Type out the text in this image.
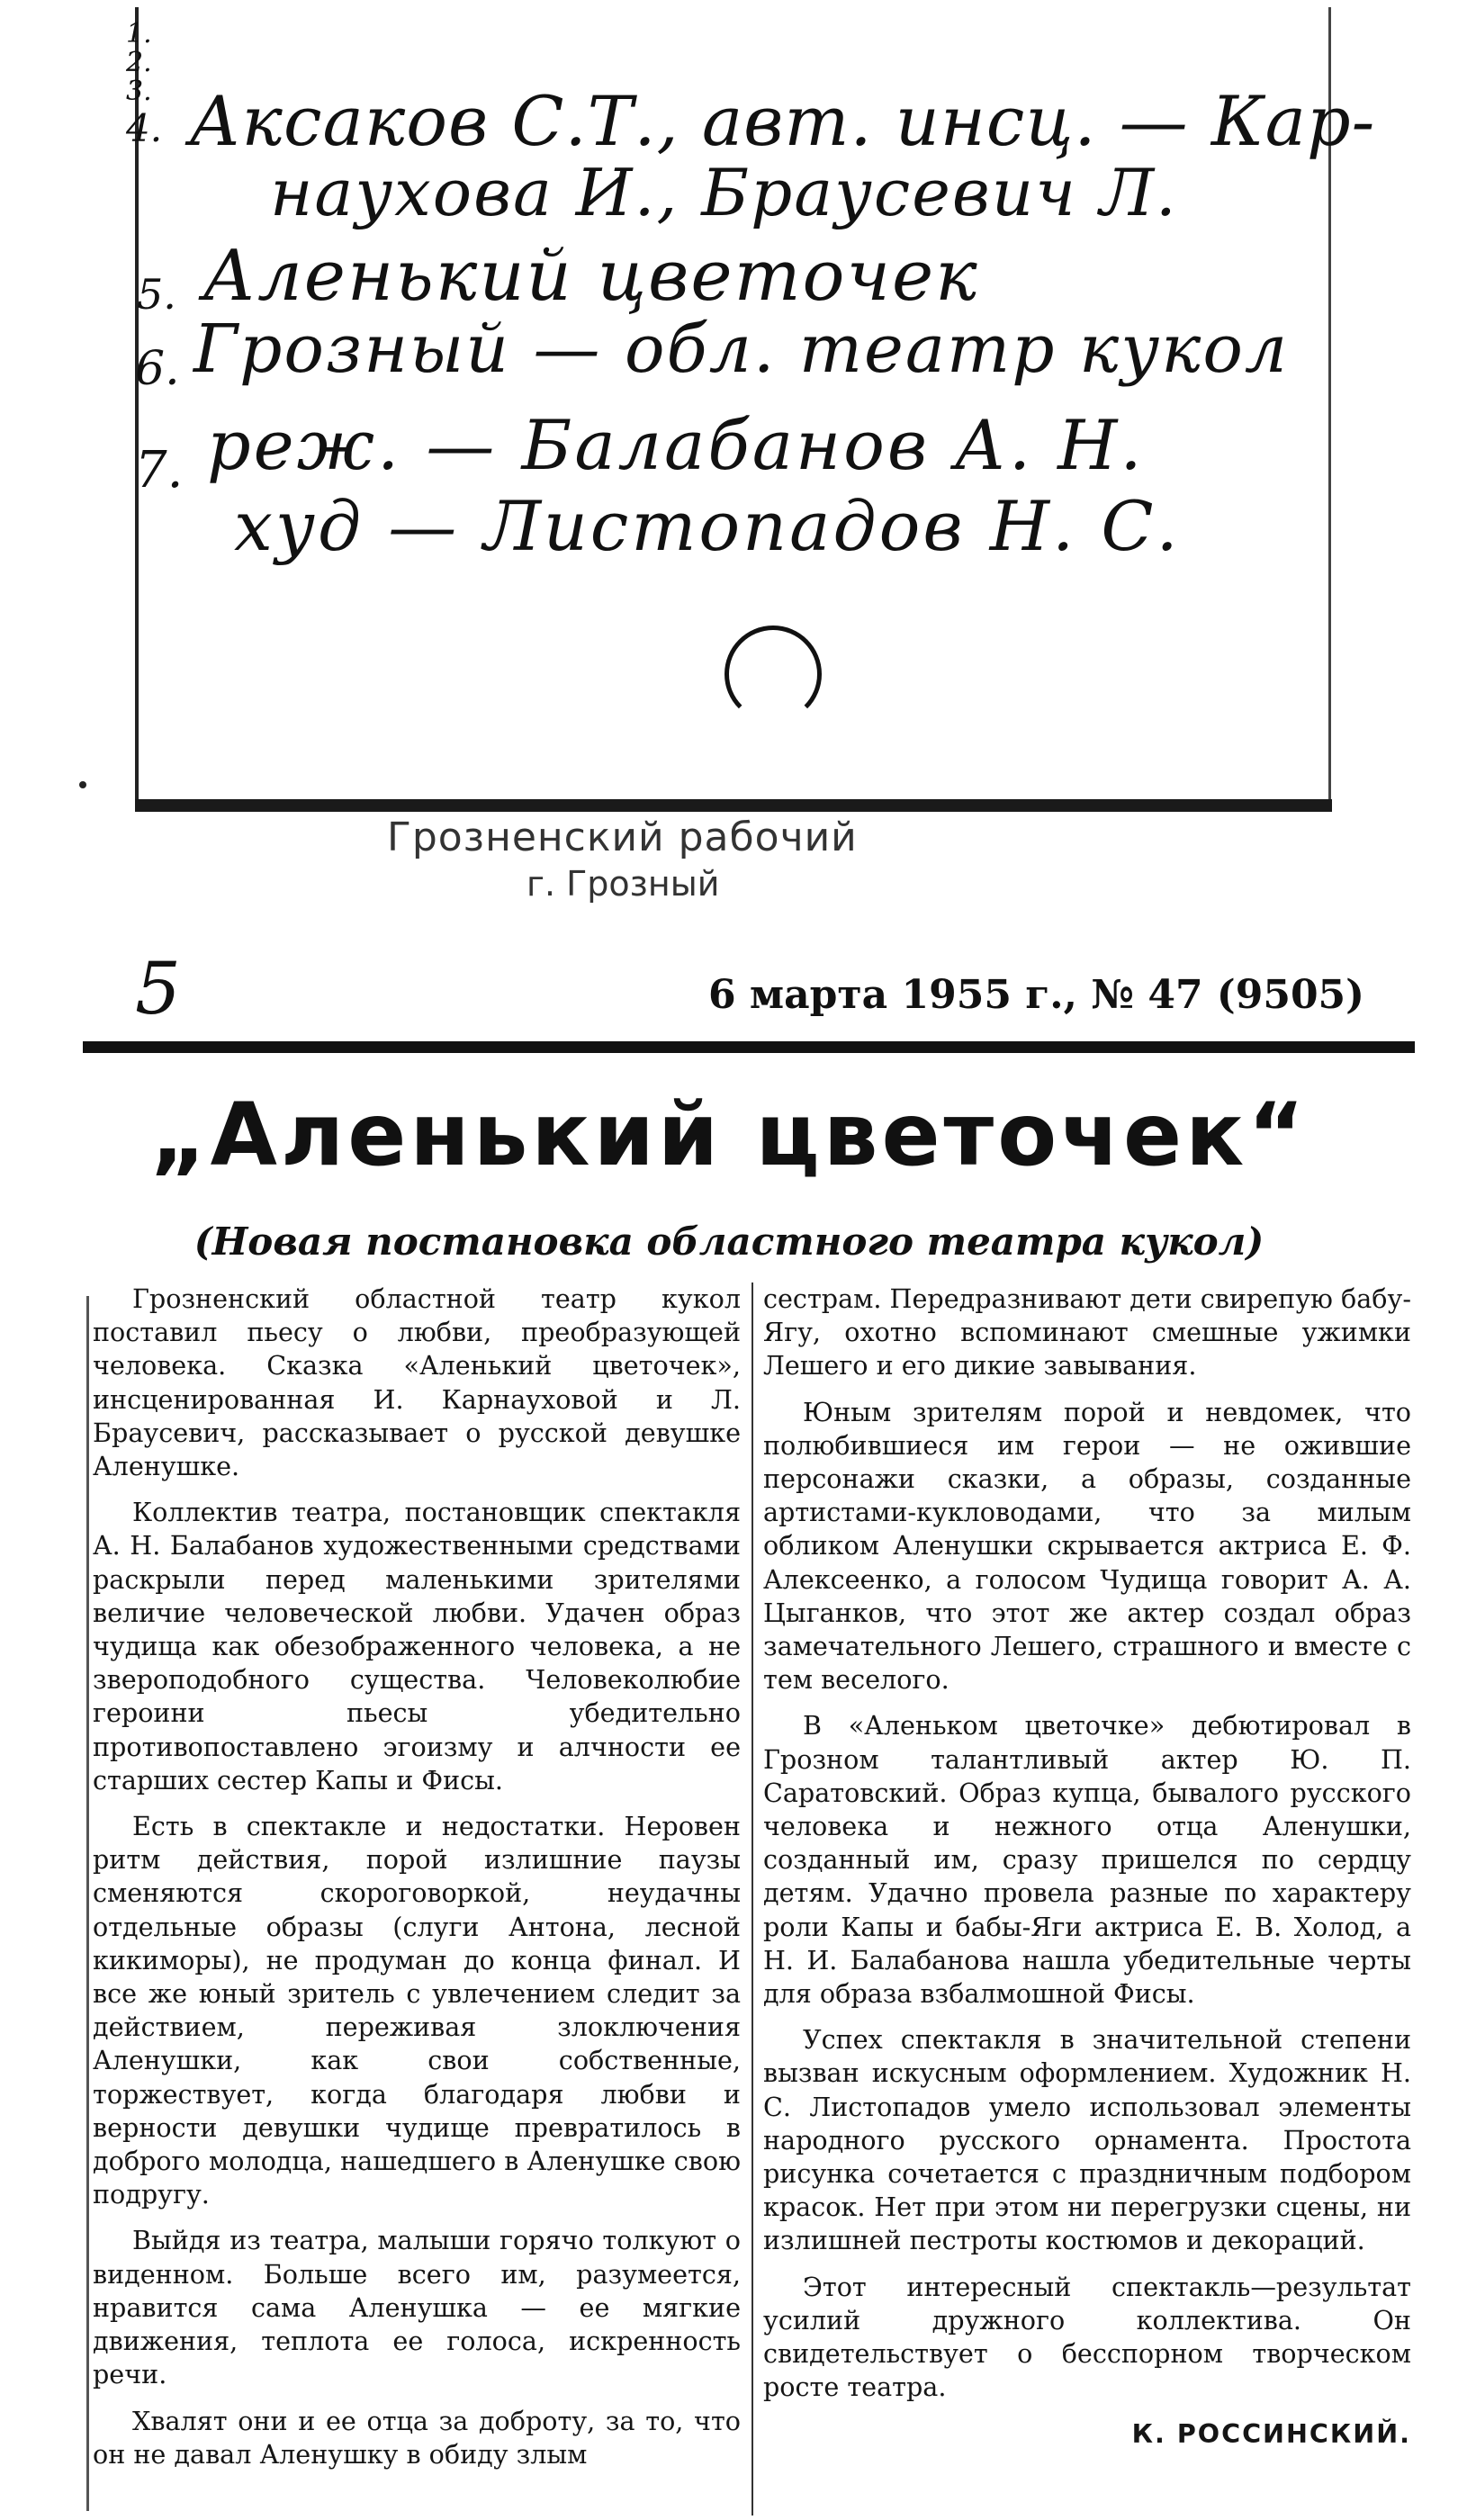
1.
2.
3.
4. Аксаков С.Т., авт. инсц. — Кар-
науховa И., Брaусевич Л.
5. Аленький цветочек
6. Грозный — обл. театр кукол
7. реж. — Балабанов А. Н.
худ — Листопадов Н. С.
Грозненский рабочий
г. Грозный
5	6 марта 1955 г., № 47 (9505)
„Аленький цветочек“
(Новая постановка областного театра кукол)

Грозненский областной театр кукол поставил пьесу о любви, преобразующей человека. Сказка «Аленький цветочек», инсценированная И. Карнауховой и Л. Брaусевич, рассказывает о русской девушке Аленушке.

Коллектив театра, постановщик спектакля А. Н. Балабанов художественными средствами раскрыли перед маленькими зрителями величие человеческой любви. Удачен образ чудища как обезображенного человека, а не звероподобного существа. Человеколюбие героини пьесы убедительно противопоставлено эгоизму и алчности ее старших сестер Капы и Фисы.

Есть в спектакле и недостатки. Неровен ритм действия, порой излишние паузы сменяются скороговоркой, неудачны отдельные образы (слуги Антона, лесной кикиморы), не продуман до конца финал. И все же юный зритель с увлечением следит за действием, переживая злоключения Аленушки, как свои собственные, торжествует, когда благодаря любви и верности девушки чудище превратилось в доброго молодца, нашедшего в Аленушке свою подругу.

Выйдя из театра, малыши горячо толкуют о виденном. Больше всего им, разумеется, нравится сама Аленушка — ее мягкие движения, теплота ее голоса, искренность речи.

Хвалят они и ее отца за доброту, за то, что он не давал Аленушку в обиду злым

сестрам. Передразнивают дети свирепую бабу-Ягу, охотно вспоминают смешные ужимки Лешего и его дикие завывания.

Юным зрителям порой и невдомек, что полюбившиеся им герои — не ожившие персонажи сказки, а образы, созданные артистами-кукловодами, что за милым обликом Аленушки скрывается актриса Е. Ф. Алексеенко, а голосом Чудища говорит А. А. Цыганков, что этот же актер создал образ замечательного Лешего, страшного и вместе с тем веселого.

В «Аленьком цветочке» дебютировал в Грозном талантливый актер Ю. П. Саратовский. Образ купца, бывалого русского человека и нежного отца Аленушки, созданный им, сразу пришелся по сердцу детям. Удачно провела разные по характеру роли Капы и бабы-Яги актриса Е. В. Холод, а Н. И. Балабанова нашла убедительные черты для образа взбалмошной Фисы.

Успех спектакля в значительной степени вызван искусным оформлением. Художник Н. С. Листопадов умело использовал элементы народного русского орнамента. Простота рисунка сочетается с праздничным подбором красок. Нет при этом ни перегрузки сцены, ни излишней пестроты костюмов и декораций.

Этот интересный спектакль—результат усилий дружного коллектива. Он свидетельствует о бесспорном творческом росте театра.

К. РОССИНСКИЙ.
